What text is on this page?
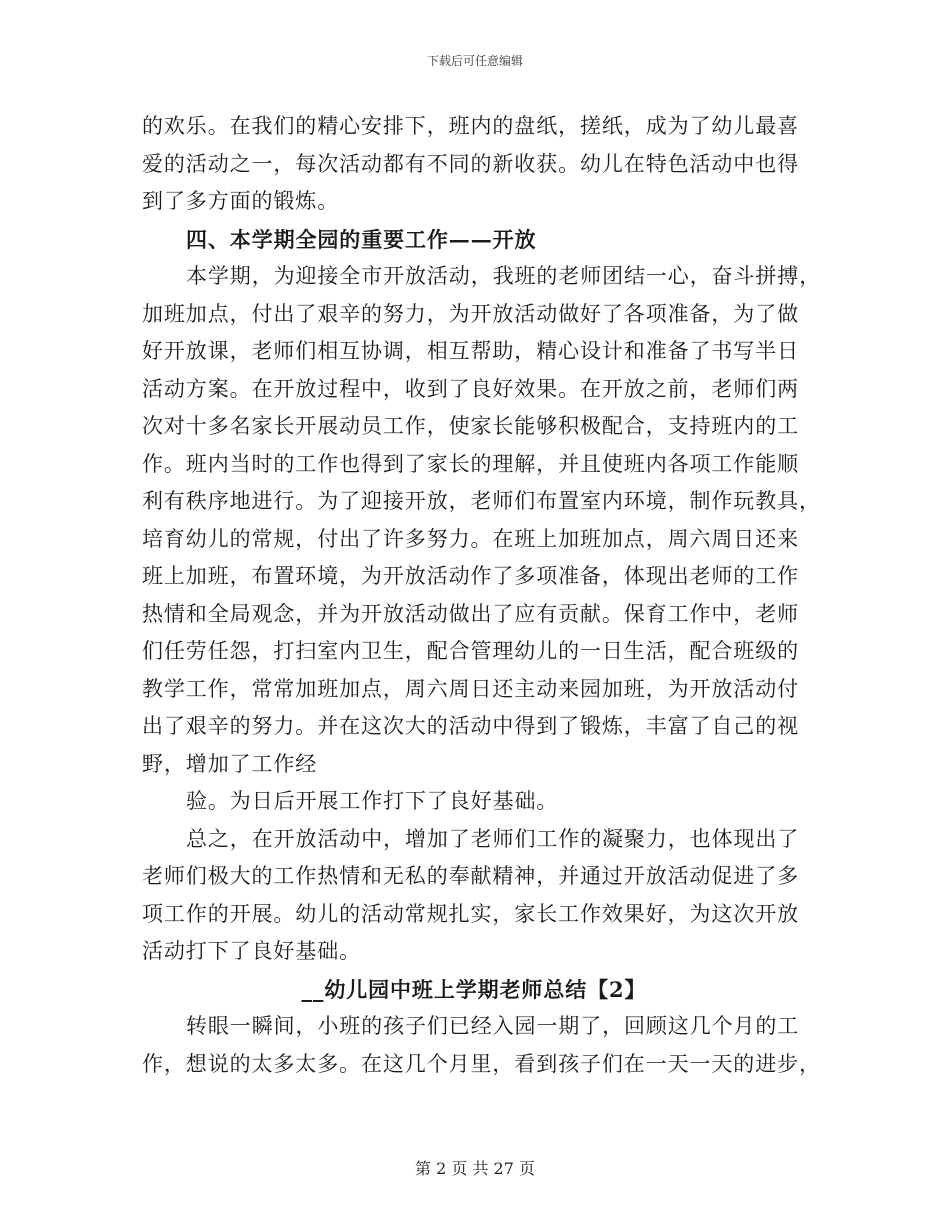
下载后可任意编辑
的欢乐。在我们的精心安排下，班内的盘纸，搓纸，成为了幼儿最喜
爱的活动之一，每次活动都有不同的新收获。幼儿在特色活动中也得
到了多方面的锻炼。
四、本学期全园的重要工作——开放
本学期，为迎接全市开放活动，我班的老师团结一心，奋斗拼搏，
加班加点，付出了艰辛的努力，为开放活动做好了各项准备，为了做
好开放课，老师们相互协调，相互帮助，精心设计和准备了书写半日
活动方案。在开放过程中，收到了良好效果。在开放之前，老师们两
次对十多名家长开展动员工作，使家长能够积极配合，支持班内的工
作。班内当时的工作也得到了家长的理解，并且使班内各项工作能顺
利有秩序地进行。为了迎接开放，老师们布置室内环境，制作玩教具，
培育幼儿的常规，付出了许多努力。在班上加班加点，周六周日还来
班上加班，布置环境，为开放活动作了多项准备，体现出老师的工作
热情和全局观念，并为开放活动做出了应有贡献。保育工作中，老师
们任劳任怨，打扫室内卫生，配合管理幼儿的一日生活，配合班级的
教学工作，常常加班加点，周六周日还主动来园加班，为开放活动付
出了艰辛的努力。并在这次大的活动中得到了锻炼，丰富了自己的视
野，增加了工作经
验。为日后开展工作打下了良好基础。
总之，在开放活动中，增加了老师们工作的凝聚力，也体现出了
老师们极大的工作热情和无私的奉献精神，并通过开放活动促进了多
项工作的开展。幼儿的活动常规扎实，家长工作效果好，为这次开放
活动打下了良好基础。
__幼儿园中班上学期老师总结【2】
转眼一瞬间，小班的孩子们已经入园一期了，回顾这几个月的工
作，想说的太多太多。在这几个月里，看到孩子们在一天一天的进步，
第 2 页 共 27 页
